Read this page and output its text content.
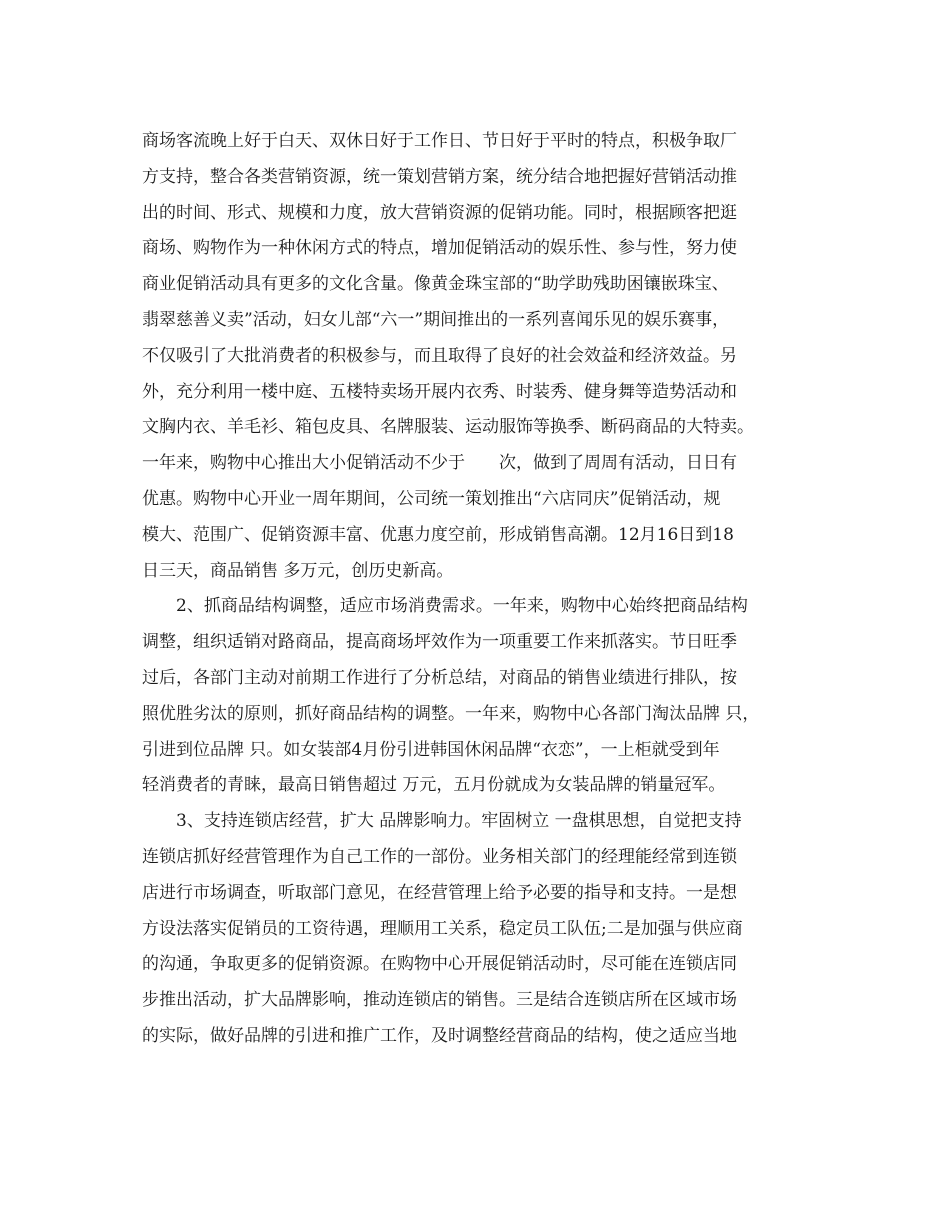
商场客流晚上好于白天、双休日好于工作日、节日好于平时的特点，积极争取厂
方支持，整合各类营销资源，统一策划营销方案，统分结合地把握好营销活动推
出的时间、形式、规模和力度，放大营销资源的促销功能。同时，根据顾客把逛
商场、购物作为一种休闲方式的特点，增加促销活动的娱乐性、参与性，努力使
商业促销活动具有更多的文化含量。像黄金珠宝部的“助学助残助困镶嵌珠宝、
翡翠慈善义卖”活动，妇女儿部“六一”期间推出的一系列喜闻乐见的娱乐赛事，
不仅吸引了大批消费者的积极参与，而且取得了良好的社会效益和经济效益。另
外，充分利用一楼中庭、五楼特卖场开展内衣秀、时装秀、健身舞等造势活动和
文胸内衣、羊毛衫、箱包皮具、名牌服装、运动服饰等换季、断码商品的大特卖。
一年来，购物中心推出大小促销活动不少于　　次，做到了周周有活动，日日有
优惠。购物中心开业一周年期间，公司统一策划推出“六店同庆”促销活动，规
模大、范围广、促销资源丰富、优惠力度空前，形成销售高潮。12月16日到18
日三天，商品销售 多万元，创历史新高。
2、抓商品结构调整，适应市场消费需求。一年来，购物中心始终把商品结构
调整，组织适销对路商品，提高商场坪效作为一项重要工作来抓落实。节日旺季
过后，各部门主动对前期工作进行了分析总结，对商品的销售业绩进行排队，按
照优胜劣汰的原则，抓好商品结构的调整。一年来，购物中心各部门淘汰品牌 只，
引进到位品牌 只。如女装部4月份引进韩国休闲品牌“衣恋”，一上柜就受到年
轻消费者的青睐，最高日销售超过 万元，五月份就成为女装品牌的销量冠军。
3、支持连锁店经营，扩大 品牌影响力。牢固树立 一盘棋思想，自觉把支持
连锁店抓好经营管理作为自己工作的一部份。业务相关部门的经理能经常到连锁
店进行市场调查，听取部门意见，在经营管理上给予必要的指导和支持。一是想
方设法落实促销员的工资待遇，理顺用工关系，稳定员工队伍;二是加强与供应商
的沟通，争取更多的促销资源。在购物中心开展促销活动时，尽可能在连锁店同
步推出活动，扩大品牌影响，推动连锁店的销售。三是结合连锁店所在区域市场
的实际，做好品牌的引进和推广工作，及时调整经营商品的结构，使之适应当地
